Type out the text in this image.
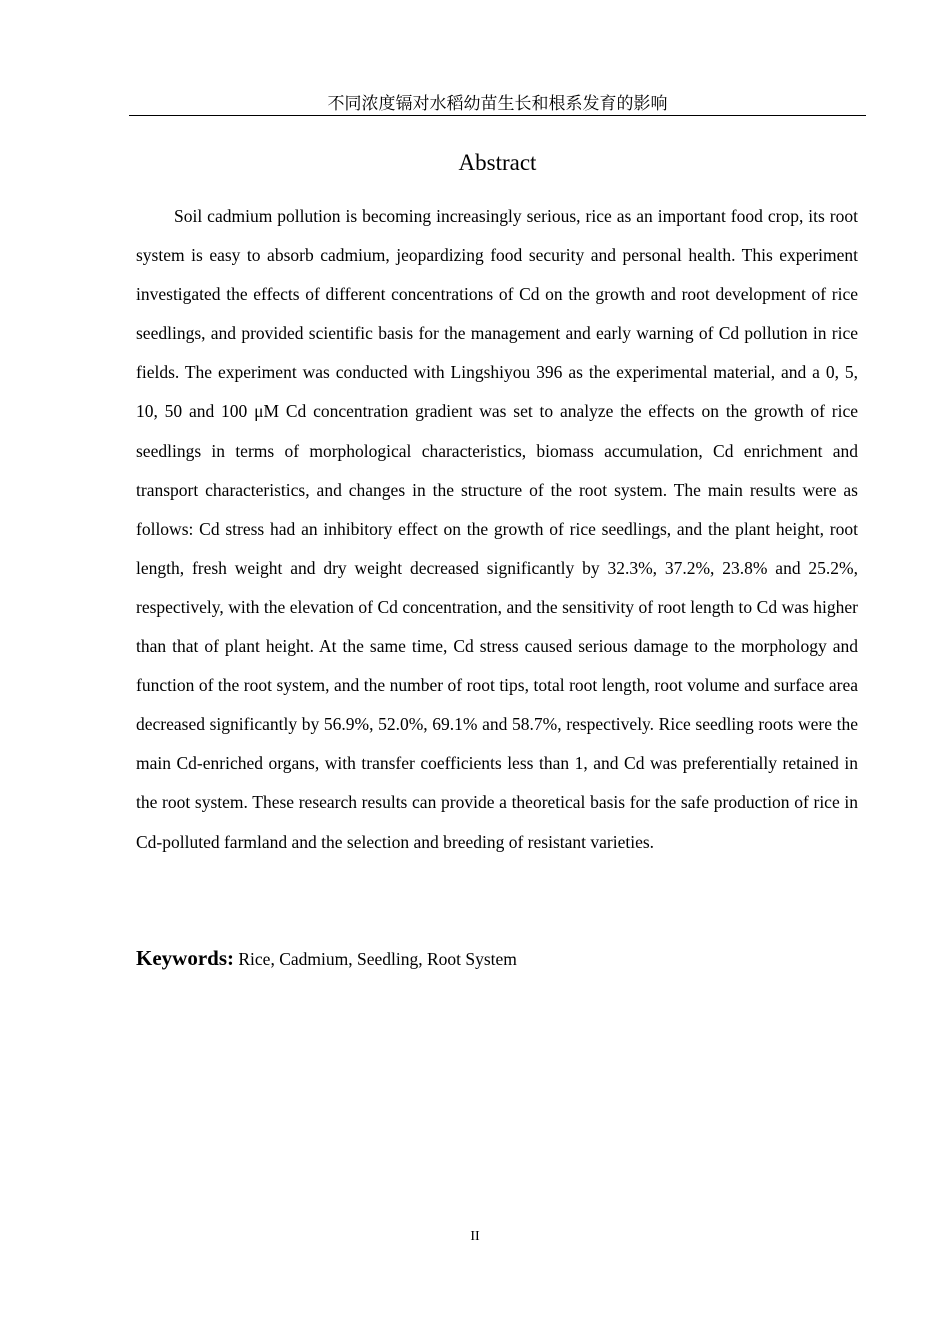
不同浓度镉对水稻幼苗生长和根系发育的影响
Abstract

Soil cadmium pollution is becoming increasingly serious, rice as an important food crop, its root system is easy to absorb cadmium, jeopardizing food security and personal health. This experiment investigated the effects of different concentrations of Cd on the growth and root development of rice seedlings, and provided scientific basis for the management and early warning of Cd pollution in rice fields. The experiment was conducted with Lingshiyou 396 as the experimental material, and a 0, 5, 10, 50 and 100 μM Cd concentration gradient was set to analyze the effects on the growth of rice seedlings in terms of morphological characteristics, biomass accumulation, Cd enrichment and transport characteristics, and changes in the structure of the root system. The main results were as follows: Cd stress had an inhibitory effect on the growth of rice seedlings, and the plant height, root length, fresh weight and dry weight decreased significantly by 32.3%, 37.2%, 23.8% and 25.2%, respectively, with the elevation of Cd concentration, and the sensitivity of root length to Cd was higher than that of plant height. At the same time, Cd stress caused serious damage to the morphology and function of the root system, and the number of root tips, total root length, root volume and surface area decreased significantly by 56.9%, 52.0%, 69.1% and 58.7%, respectively. Rice seedling roots were the main Cd-enriched organs, with transfer coefficients less than 1, and Cd was preferentially retained in the root system. These research results can provide a theoretical basis for the safe production of rice in Cd-polluted farmland and the selection and breeding of resistant varieties.

Keywords: Rice, Cadmium, Seedling, Root System

II
